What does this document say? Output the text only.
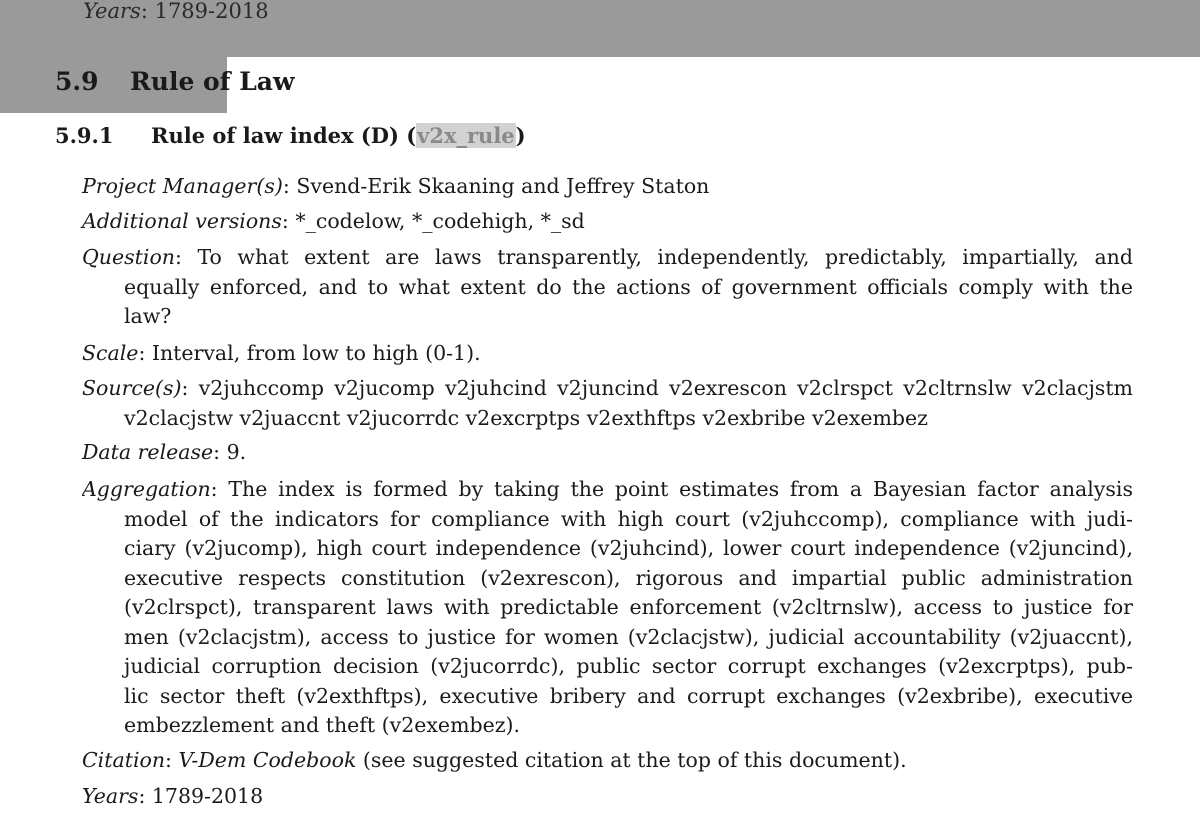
Years: 1789-2018
5.9 Rule of Law
5.9.1 Rule of law index (D) (v2x_rule)
Project Manager(s): Svend-Erik Skaaning and Jeffrey Staton
Additional versions: *_codelow, *_codehigh, *_sd
Question: To what extent are laws transparently, independently, predictably, impartially, and
equally enforced, and to what extent do the actions of government officials comply with the
law?
Scale: Interval, from low to high (0-1).
Source(s): v2juhccomp v2jucomp v2juhcind v2juncind v2exrescon v2clrspct v2cltrnslw v2clacjstm
v2clacjstw v2juaccnt v2jucorrdc v2excrptps v2exthftps v2exbribe v2exembez
Data release: 9.
Aggregation: The index is formed by taking the point estimates from a Bayesian factor analysis
model of the indicators for compliance with high court (v2juhccomp), compliance with judi-
ciary (v2jucomp), high court independence (v2juhcind), lower court independence (v2juncind),
executive respects constitution (v2exrescon), rigorous and impartial public administration
(v2clrspct), transparent laws with predictable enforcement (v2cltrnslw), access to justice for
men (v2clacjstm), access to justice for women (v2clacjstw), judicial accountability (v2juaccnt),
judicial corruption decision (v2jucorrdc), public sector corrupt exchanges (v2excrptps), pub-
lic sector theft (v2exthftps), executive bribery and corrupt exchanges (v2exbribe), executive
embezzlement and theft (v2exembez).
Citation: V-Dem Codebook (see suggested citation at the top of this document).
Years: 1789-2018
